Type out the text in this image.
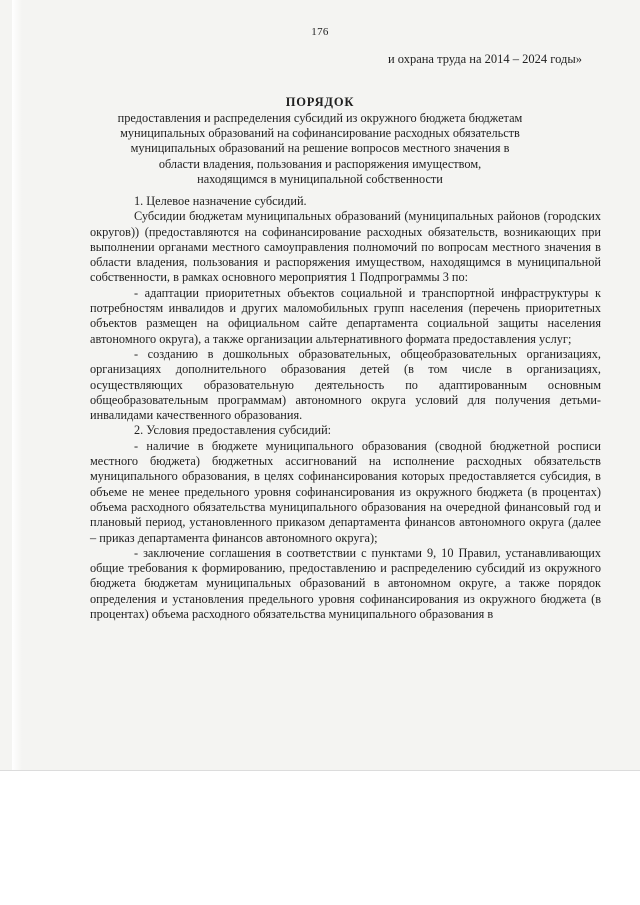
176
и охрана труда на 2014 – 2024 годы»
ПОРЯДОК
предоставления и распределения субсидий из окружного бюджета бюджетам
муниципальных образований на софинансирование расходных обязательств
муниципальных образований на решение вопросов местного значения в
области владения, пользования и распоряжения имуществом,
находящимся в муниципальной собственности

1. Целевое назначение субсидий.

Субсидии бюджетам муниципальных образований (муниципальных районов (городских округов)) (предоставляются на софинансирование расходных обязательств, возникающих при выполнении органами местного самоуправления полномочий по вопросам местного значения в области владения, пользования и распоряжения имуществом, находящимся в муниципальной собственности, в рамках основного мероприятия 1 Подпрограммы 3 по:

- адаптации приоритетных объектов социальной и транспортной инфраструктуры к потребностям инвалидов и других маломобильных групп населения (перечень приоритетных объектов размещен на официальном сайте департамента социальной защиты населения автономного округа), а также организации альтернативного формата предоставления услуг;

- созданию в дошкольных образовательных, общеобразовательных организациях, организациях дополнительного образования детей (в том числе в организациях, осуществляющих образовательную деятельность по адаптированным основным общеобразовательным программам) автономного округа условий для получения детьми-инвалидами качественного образования.

2. Условия предоставления субсидий:

- наличие в бюджете муниципального образования (сводной бюджетной росписи местного бюджета) бюджетных ассигнований на исполнение расходных обязательств муниципального образования, в целях софинансирования которых предоставляется субсидия, в объеме не менее предельного уровня софинансирования из окружного бюджета (в процентах) объема расходного обязательства муниципального образования на очередной финансовый год и плановый период, установленного приказом департамента финансов автономного округа (далее – приказ департамента финансов автономного округа);

- заключение соглашения в соответствии с пунктами 9, 10 Правил, устанавливающих общие требования к формированию, предоставлению и распределению субсидий из окружного бюджета бюджетам муниципальных образований в автономном округе, а также порядок определения и установления предельного уровня софинансирования из окружного бюджета (в процентах) объема расходного обязательства муниципального образования в
